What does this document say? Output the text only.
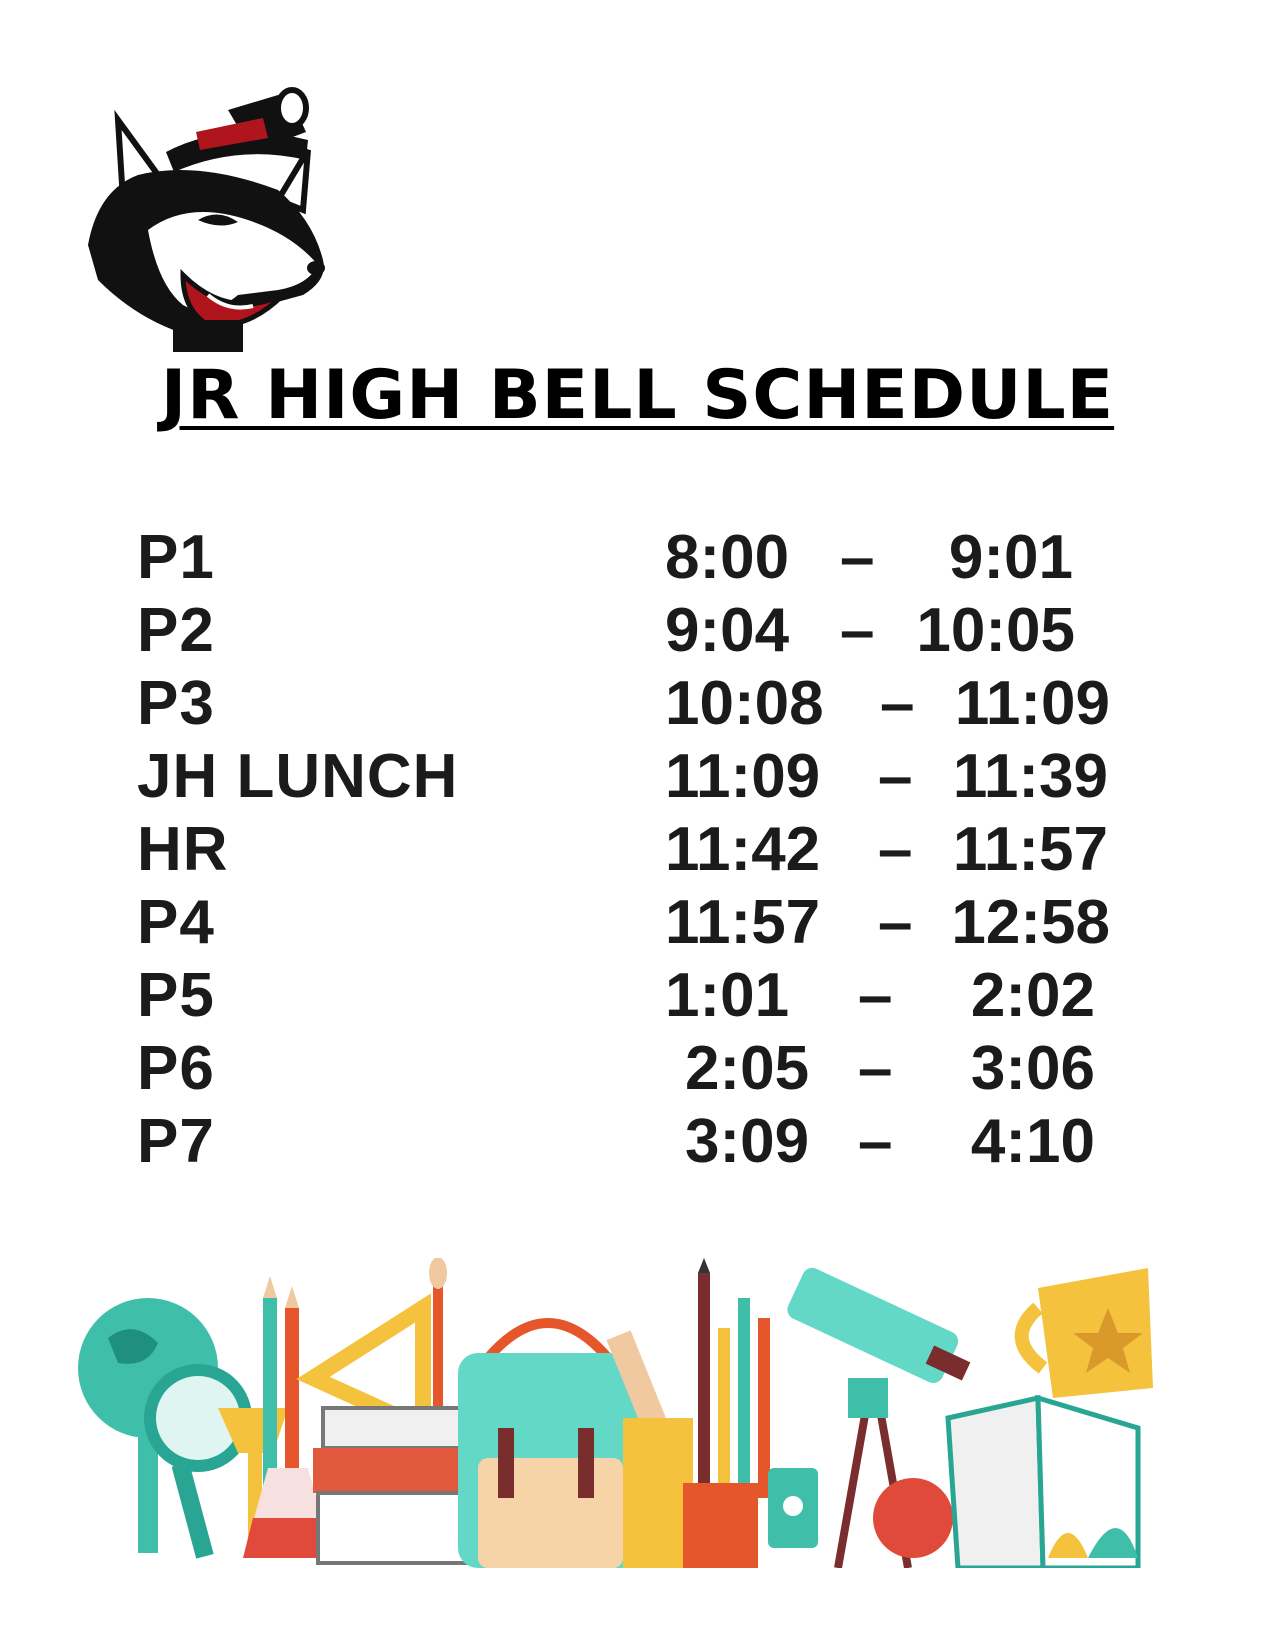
JR HIGH BELL SCHEDULE
P1	8:00 – 9:01
P2	9:04 – 10:05
P3	10:08 – 11:09
JH LUNCH	11:09 – 11:39
HR	11:42 – 11:57
P4	11:57 – 12:58
P5	1:01 – 2:02
P6	2:05 – 3:06
P7	3:09 – 4:10
